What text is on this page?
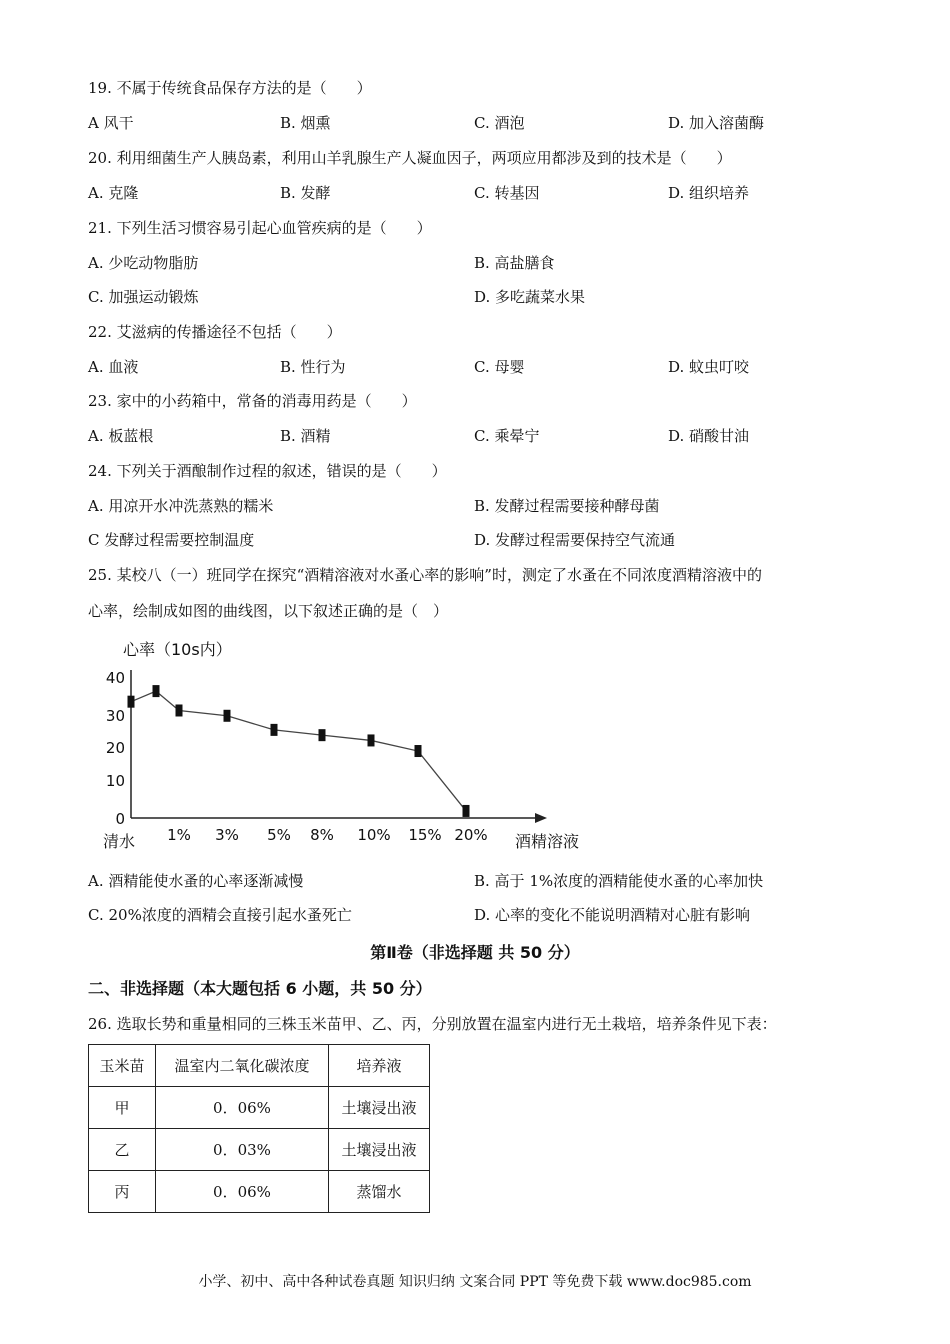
19. 不属于传统食品保存方法的是（　　）
A 风干	B. 烟熏	C. 酒泡	D. 加入溶菌酶
20. 利用细菌生产人胰岛素，利用山羊乳腺生产人凝血因子，两项应用都涉及到的技术是（　　）
A. 克隆	B. 发酵	C. 转基因	D. 组织培养
21. 下列生活习惯容易引起心血管疾病的是（　　）
A. 少吃动物脂肪	B. 高盐膳食
C. 加强运动锻炼	D. 多吃蔬菜水果
22. 艾滋病的传播途径不包括（　　）
A. 血液	B. 性行为	C. 母婴	D. 蚊虫叮咬
23. 家中的小药箱中，常备的消毒用药是（　　）
A. 板蓝根	B. 酒精	C. 乘晕宁	D. 硝酸甘油
24. 下列关于酒酿制作过程的叙述，错误的是（　　）
A. 用凉开水冲洗蒸熟的糯米	B. 发酵过程需要接种酵母菌
C 发酵过程需要控制温度	D. 发酵过程需要保持空气流通
25. 某校八（一）班同学在探究“酒精溶液对水蚤心率的影响”时，测定了水蚤在不同浓度酒精溶液中的
心率，绘制成如图的曲线图，以下叙述正确的是（　）
心率（10s内）
40
30
20
10
0
清水 1% 3% 5% 8% 10% 15% 20% 酒精溶液
A. 酒精能使水蚤的心率逐渐减慢	B. 高于 1%浓度的酒精能使水蚤的心率加快
C. 20%浓度的酒精会直接引起水蚤死亡	D. 心率的变化不能说明酒精对心脏有影响
第Ⅱ卷（非选择题 共 50 分）
二、非选择题（本大题包括 6 小题，共 50 分）
26. 选取长势和重量相同的三株玉米苗甲、乙、丙，分别放置在温室内进行无土栽培，培养条件见下表：
玉米苗	温室内二氧化碳浓度	培养液
甲	0．06%	土壤浸出液
乙	0．03%	土壤浸出液
丙	0．06%	蒸馏水
小学、初中、高中各种试卷真题 知识归纳 文案合同 PPT 等免费下载 www.doc985.com
